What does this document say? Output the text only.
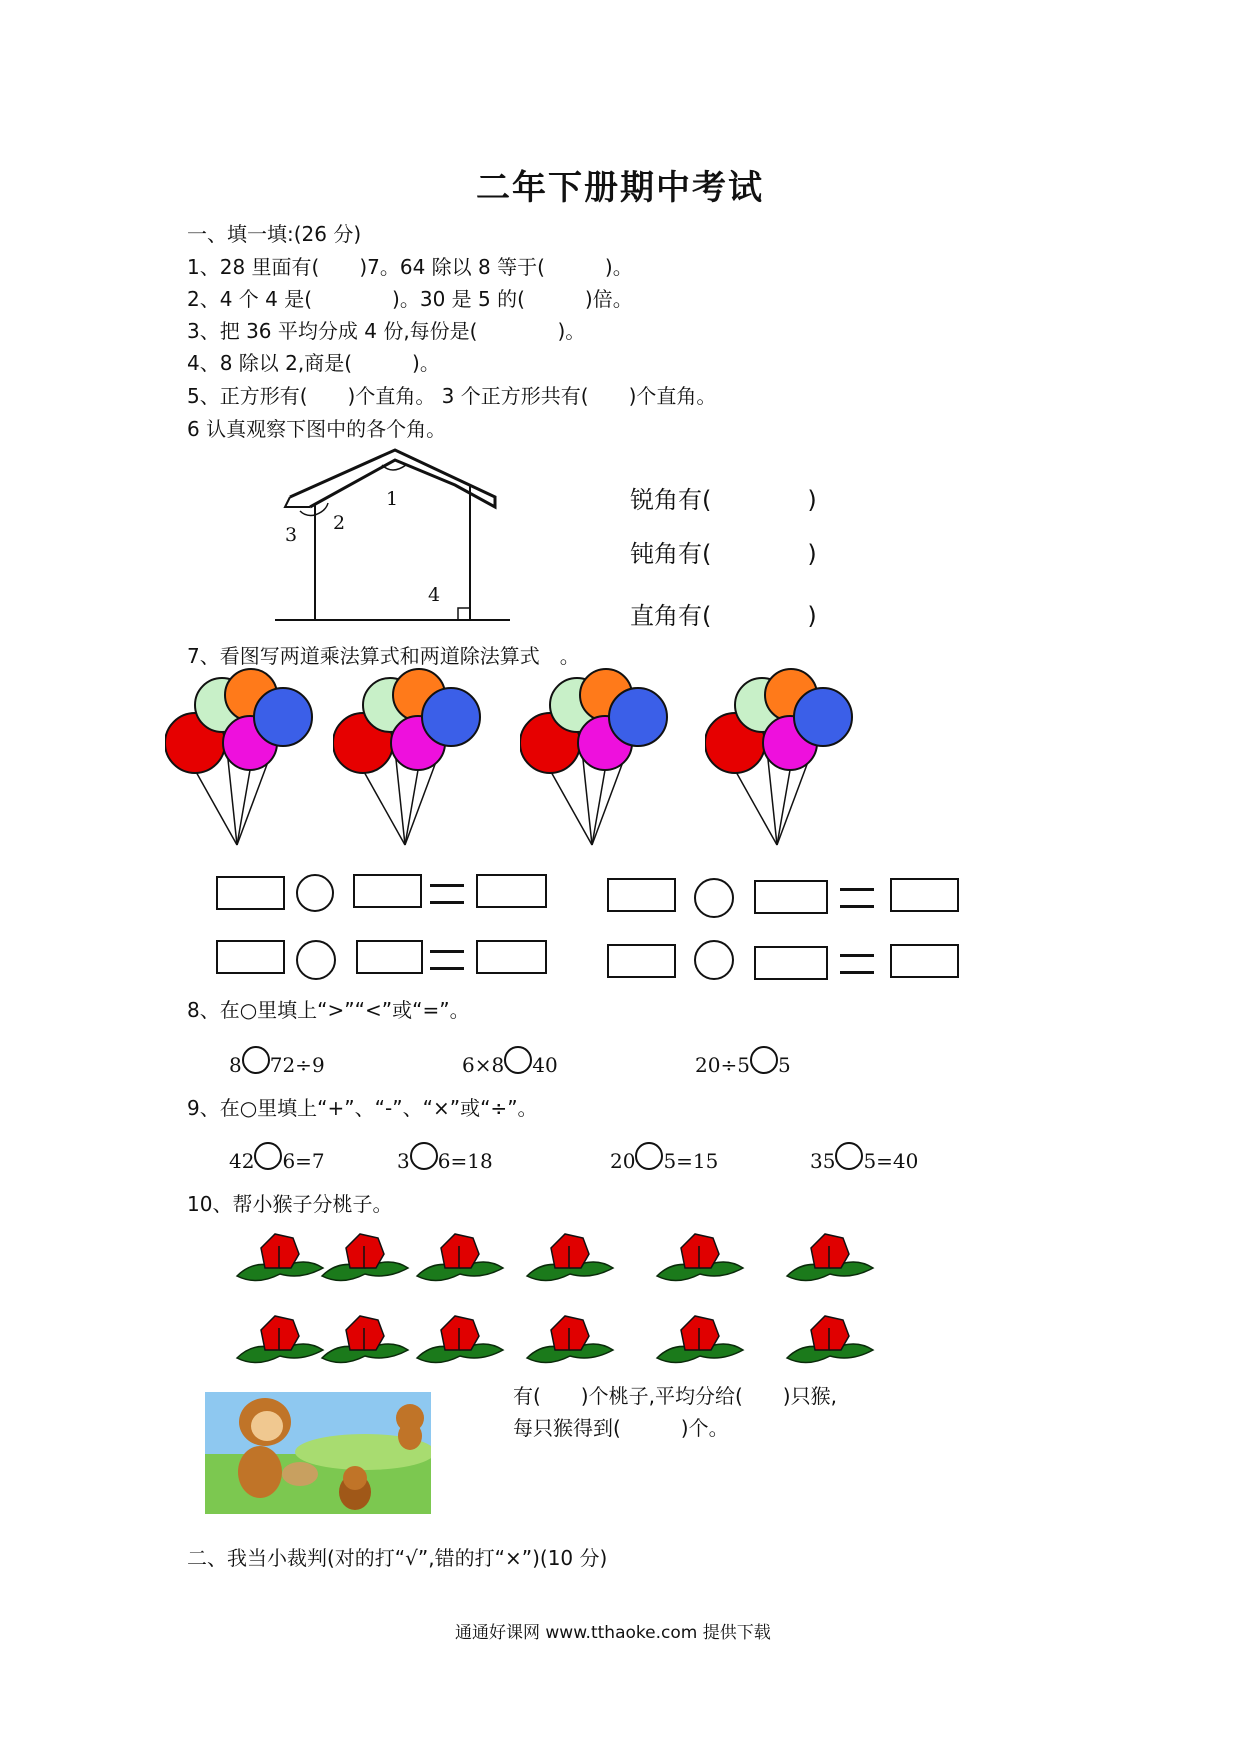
二年下册期中考试
一、填一填:(26 分)
1、28 里面有(　　)7。64 除以 8 等于(　　　)。
2、4 个 4 是(　　　　)。30 是 5 的(　　　)倍。
3、把 36 平均分成 4 份,每份是(　　　　)。
4、8 除以 2,商是(　　　)。
5、正方形有(　　)个直角。 3 个正方形共有(　　)个直角。
6 认真观察下图中的各个角。
1
2
3
4
锐角有(　　　　)
钝角有(　　　　)
直角有(　　　　)
7、看图写两道乘法算式和两道除法算式　。
8、在○里填上“>”“<”或“=”。
8 72÷9	6×8 40	20÷5 5
9、在○里填上“+”、“-”、“×”或“÷”。
42 6=7	3 6=18	20 5=15	35 5=40
10、帮小猴子分桃子。
有(　　)个桃子,平均分给(　　)只猴,
每只猴得到(　　　)个。
二、我当小裁判(对的打“√”,错的打“×”)(10 分)
通通好课网 www.tthaoke.com 提供下载
